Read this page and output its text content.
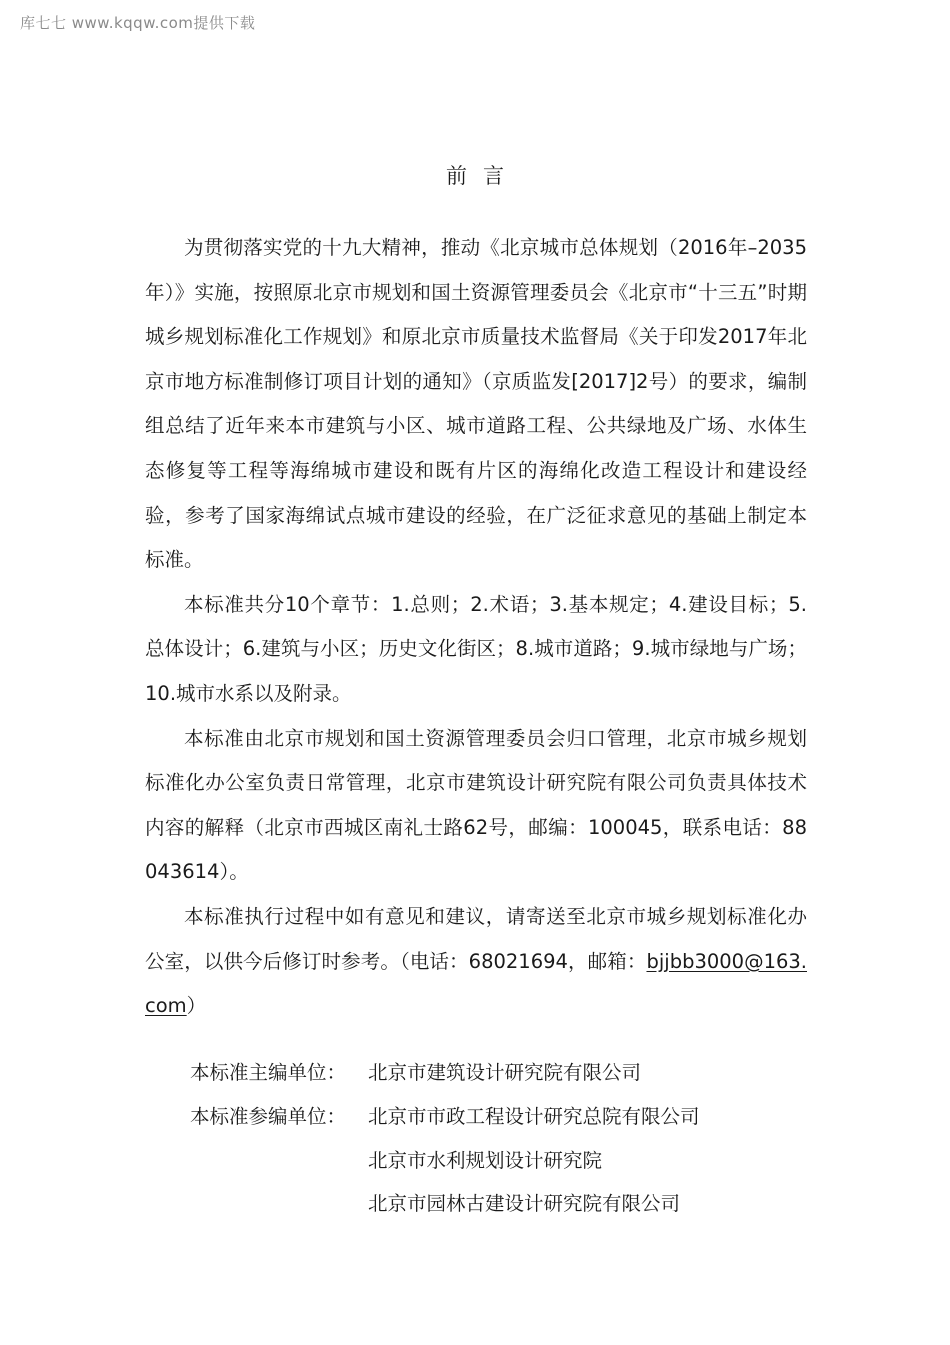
库七七 www.kqqw.com提供下载
前言

为贯彻落实党的十九大精神，推动《北京城市总体规划（2016年–2035年）》实施，按照原北京市规划和国土资源管理委员会《北京市“十三五”时期城乡规划标准化工作规划》和原北京市质量技术监督局《关于印发2017年北京市地方标准制修订项目计划的通知》（京质监发[2017]2号）的要求，编制组总结了近年来本市建筑与小区、城市道路工程、公共绿地及广场、水体生态修复等工程等海绵城市建设和既有片区的海绵化改造工程设计和建设经验，参考了国家海绵试点城市建设的经验，在广泛征求意见的基础上制定本标准。

本标准共分10个章节：1.总则；2.术语；3.基本规定；4.建设目标；5.总体设计；6.建筑与小区；历史文化街区；8.城市道路；9.城市绿地与广场；10.城市水系以及附录。

本标准由北京市规划和国土资源管理委员会归口管理，北京市城乡规划标准化办公室负责日常管理，北京市建筑设计研究院有限公司负责具体技术内容的解释（北京市西城区南礼士路62号，邮编：100045，联系电话：88043614）。

本标准执行过程中如有意见和建议，请寄送至北京市城乡规划标准化办公室，以供今后修订时参考。（电话：68021694，邮箱：bjjbb3000@163.com）

本标准主编单位：	北京市建筑设计研究院有限公司
本标准参编单位：	北京市市政工程设计研究总院有限公司
北京市水利规划设计研究院
北京市园林古建设计研究院有限公司
